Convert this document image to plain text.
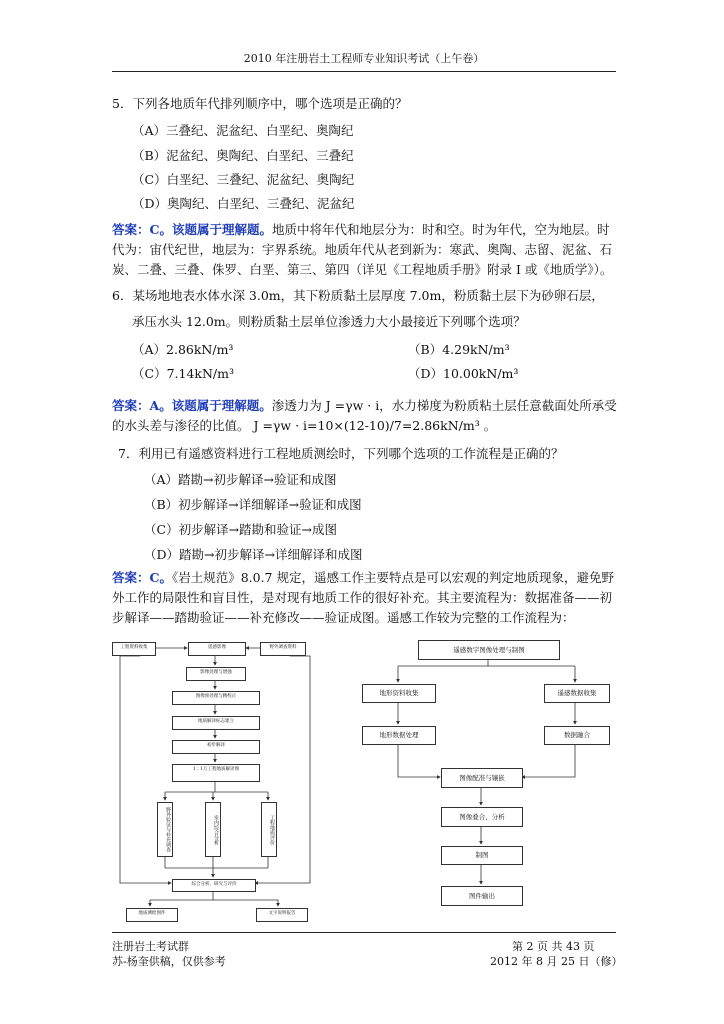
2010 年注册岩土工程师专业知识考试（上午卷）
5．下列各地质年代排列顺序中，哪个选项是正确的？
（A）三叠纪、泥盆纪、白垩纪、奥陶纪
（B）泥盆纪、奥陶纪、白垩纪、三叠纪
（C）白垩纪、三叠纪、泥盆纪、奥陶纪
（D）奥陶纪、白垩纪、三叠纪、泥盆纪
答案：C。该题属于理解题。地质中将年代和地层分为：时和空。时为年代，空为地层。时代为：宙代纪世，地层为：宇界系统。地质年代从老到新为：寒武、奥陶、志留、泥盆、石炭、二叠、三叠、侏罗、白垩、第三、第四（详见《工程地质手册》附录 I 或《地质学》）。
6．某场地地表水体水深 3.0m，其下粉质黏土层厚度 7.0m，粉质黏土层下为砂卵石层，
承压水头 12.0m。则粉质黏土层单位渗透力大小最接近下列哪个选项？
（A）2.86kN/m³	（B）4.29kN/m³
（C）7.14kN/m³	（D）10.00kN/m³
答案：A。该题属于理解题。渗透力为 J =γw · i，水力梯度为粉质粘土层任意截面处所承受
的水头差与渗径的比值。 J =γw · i=10×(12-10)/7=2.86kN/m³ 。
7．利用已有遥感资料进行工程地质测绘时，下列哪个选项的工作流程是正确的？
（A）踏勘→初步解译→验证和成图
（B）初步解译→详细解译→验证和成图
（C）初步解译→踏勘和验证→成图
（D）踏勘→初步解译→详细解译和成图
答案：C。《岩土规范》8.0.7 规定，遥感工作主要特点是可以宏观的判定地质现象，避免野外工作的局限性和盲目性，是对现有地质工作的很好补充。其主要流程为：数据准备——初步解译——踏勘验证——补充修改——验证成图。遥感工作较为完整的工作流程为：
工程资料收集	遥感影像	野外调查资料
影像处理与增强
图像预处理与精校正
地质解译标志建立
初步解译
1∶1万工程地质解译图
野外验证与补充调查	室内综合分析	工程地质评价
综合分析、研究与评价
地质测绘图件	文字说明报告
遥感数字图像处理与制图
地形资料收集
地形数据处理
遥感数据收集
数据融合
图像配准与镶嵌
图像叠合、分析
制图
图件输出
注册岩土考试群
苏-杨奎供稿，仅供参考
第 2 页 共 43 页
2012 年 8 月 25 日（修）
